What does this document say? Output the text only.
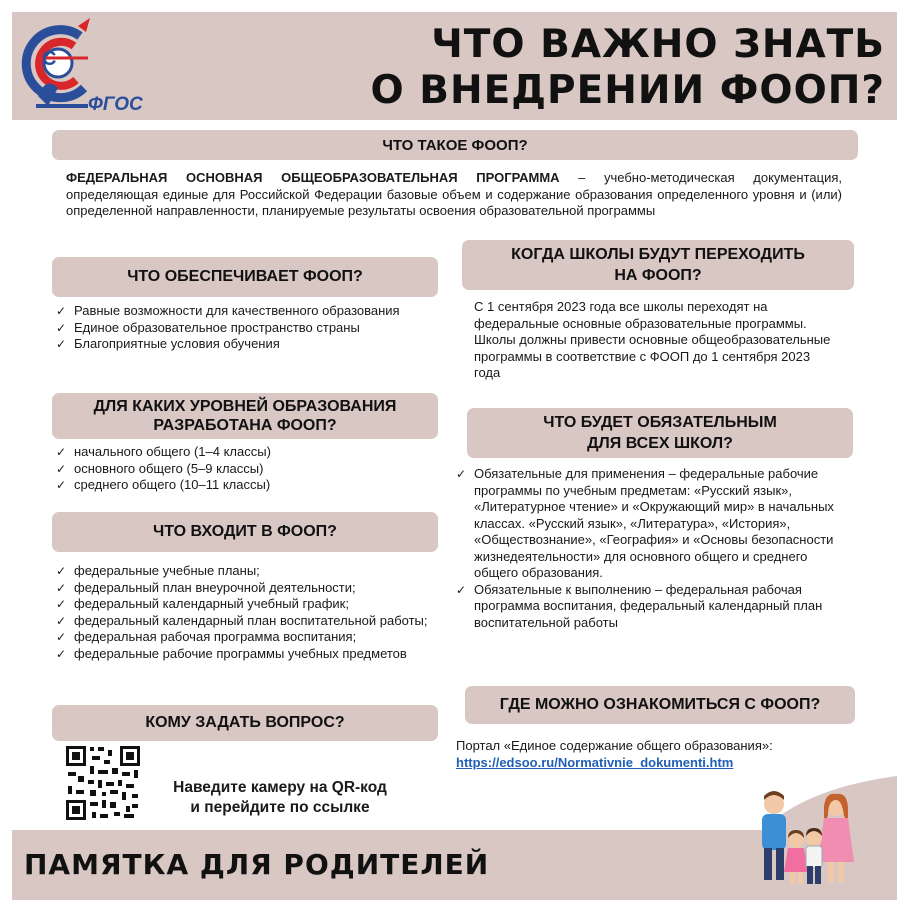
С
ФГОС
ЧТО ВАЖНО ЗНАТЬ
О ВНЕДРЕНИИ ФООП?
ЧТО ТАКОЕ ФООП?
ФЕДЕРАЛЬНАЯ ОСНОВНАЯ ОБЩЕОБРАЗОВАТЕЛЬНАЯ ПРОГРАММА – учебно-методическая документация, определяющая единые для Российской Федерации базовые объем и содержание образования определенного уровня и (или) определенной направленности, планируемые результаты освоения образовательной программы
ЧТО ОБЕСПЕЧИВАЕТ ФООП?
✓ Равные возможности для качественного образования
✓ Единое образовательное пространство страны
✓ Благоприятные условия обучения
ДЛЯ КАКИХ УРОВНЕЙ ОБРАЗОВАНИЯ
РАЗРАБОТАНА ФООП?
✓ начального общего (1–4 классы)
✓ основного общего (5–9 классы)
✓ среднего общего (10–11 классы)
ЧТО ВХОДИТ В ФООП?
✓ федеральные учебные планы;
✓ федеральный план внеурочной деятельности;
✓ федеральный календарный учебный график;
✓ федеральный календарный план воспитательной работы;
✓ федеральная рабочая программа воспитания;
✓ федеральные рабочие программы учебных предметов
КОМУ ЗАДАТЬ ВОПРОС?
Наведите камеру на QR-код
и перейдите по ссылке
КОГДА ШКОЛЫ БУДУТ ПЕРЕХОДИТЬ
НА ФООП?
С 1 сентября 2023 года все школы переходят на федеральные основные образовательные программы. Школы должны привести основные общеобразовательные программы в соответствие с ФООП до 1 сентября 2023 года
ЧТО БУДЕТ ОБЯЗАТЕЛЬНЫМ
ДЛЯ ВСЕХ ШКОЛ?
✓ Обязательные для применения – федеральные рабочие программы по учебным предметам: «Русский язык», «Литературное чтение» и «Окружающий мир» в начальных классах. «Русский язык», «Литература», «История», «Обществознание», «География» и «Основы безопасности жизнедеятельности» для основного общего и среднего общего образования.
✓ Обязательные к выполнению – федеральная рабочая программа воспитания, федеральный календарный план воспитательной работы
ГДЕ МОЖНО ОЗНАКОМИТЬСЯ С ФООП?
Портал «Единое содержание общего образования»:
https://edsoo.ru/Normativnie_dokumenti.htm
ПАМЯТКА ДЛЯ РОДИТЕЛЕЙ
